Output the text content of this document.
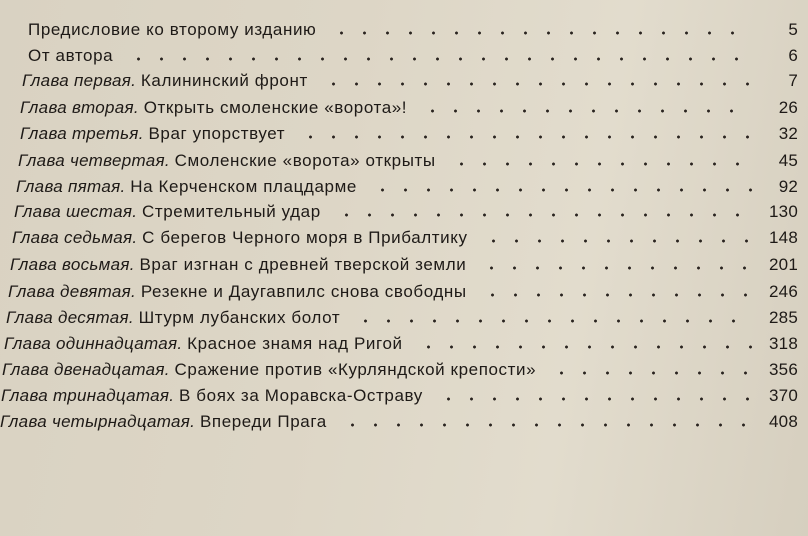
Предисловие ко второму изданию	5
От автора	6
Глава первая. Калининский фронт	7
Глава вторая. Открыть смоленские «ворота»!	26
Глава третья. Враг упорствует	32
Глава четвертая. Смоленские «ворота» открыты	45
Глава пятая. На Керченском плацдарме	92
Глава шестая. Стремительный удар	130
Глава седьмая. С берегов Черного моря в Прибалтику	148
Глава восьмая. Враг изгнан с древней тверской земли	201
Глава девятая. Резекне и Даугавпилс снова свободны	246
Глава десятая. Штурм лубанских болот	285
Глава одиннадцатая. Красное знамя над Ригой	318
Глава двенадцатая. Сражение против «Курляндской крепости»	356
Глава тринадцатая. В боях за Моравска-Остраву	370
Глава четырнадцатая. Впереди Прага	408
